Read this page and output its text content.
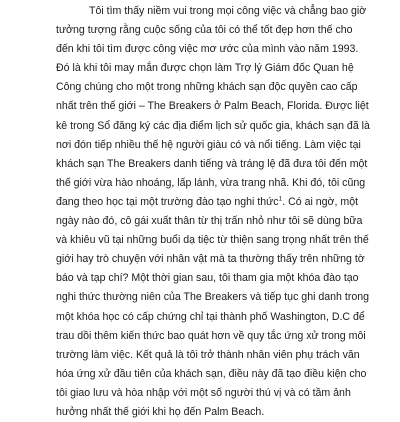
Tôi tìm thấy niềm vui trong mọi công việc và chẳng bao giờ
tưởng tượng rằng cuộc sống của tôi có thể tốt đẹp hơn thế cho
đến khi tôi tìm được công việc mơ ước của mình vào năm 1993.
Đó là khi tôi may mắn được chọn làm Trợ lý Giám đốc Quan hệ
Công chúng cho một trong những khách sạn độc quyền cao cấp
nhất trên thế giới – The Breakers ở Palm Beach, Florida. Được liệt
kê trong Sổ đăng ký các địa điểm lịch sử quốc gia, khách sạn đã là
nơi đón tiếp nhiều thế hệ người giàu có và nổi tiếng. Làm việc tại
khách sạn The Breakers danh tiếng và tráng lệ đã đưa tôi đến một
thế giới vừa hào nhoáng, lấp lánh, vừa trang nhã. Khi đó, tôi cũng
đang theo học tại một trường đào tạo nghi thức$^1$. Có ai ngờ, một
ngày nào đó, cô gái xuất thân từ thị trấn nhỏ như tôi sẽ dùng bữa
và khiêu vũ tại những buổi dạ tiệc từ thiện sang trọng nhất trên thế
giới hay trò chuyện với nhân vật mà ta thường thấy trên những tờ
báo và tạp chí? Một thời gian sau, tôi tham gia một khóa đào tạo
nghi thức thường niên của The Breakers và tiếp tục ghi danh trong
một khóa học có cấp chứng chỉ tại thành phố Washington, D.C để
trau dồi thêm kiến thức bao quát hơn về quy tắc ứng xử trong môi
trường làm việc. Kết quả là tôi trở thành nhân viên phụ trách văn
hóa ứng xử đầu tiên của khách sạn, điều này đã tạo điều kiện cho
tôi giao lưu và hòa nhập với một số người thú vị và có tầm ảnh
hưởng nhất thế giới khi họ đến Palm Beach.
